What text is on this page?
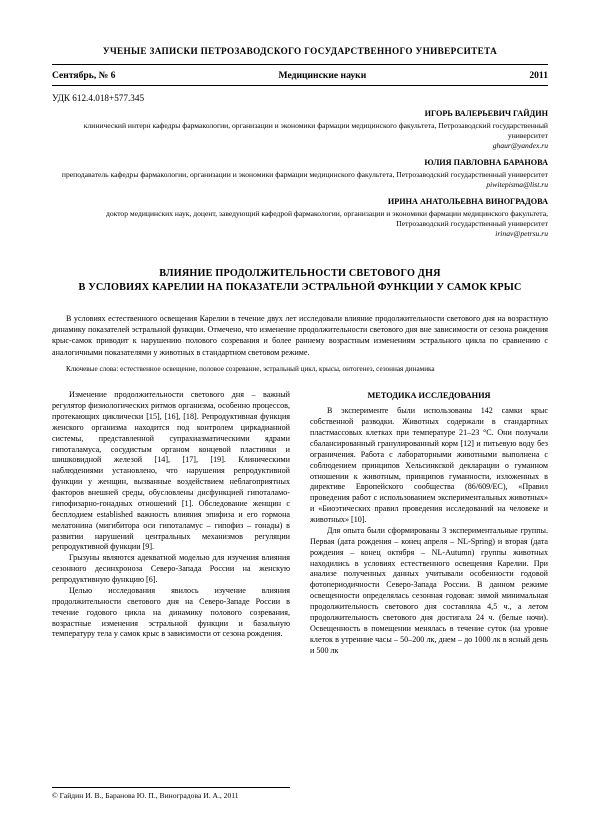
УЧЕНЫЕ ЗАПИСКИ ПЕТРОЗАВОДСКОГО ГОСУДАРСТВЕННОГО УНИВЕРСИТЕТА
Сентябрь, № 6	Медицинские науки	2011
УДК 612.4.018+577.345
ИГОРЬ ВАЛЕРЬЕВИЧ ГАЙДИН
клинический интерн кафедры фармакологии, организации и экономики фармации медицинского факультета, Петрозаводский государственный университет
ghaur@yandex.ru
ЮЛИЯ ПАВЛОВНА БАРАНОВА
преподаватель кафедры фармакологии, организации и экономики фармации медицинского факультета, Петрозаводский государственный университет
piwitepisma@list.ru
ИРИНА АНАТОЛЬЕВНА ВИНОГРАДОВА
доктор медицинских наук, доцент, заведующий кафедрой фармакологии, организации и экономики фармации медицинского факультета, Петрозаводский государственный университет
irinav@petrsu.ru
ВЛИЯНИЕ ПРОДОЛЖИТЕЛЬНОСТИ СВЕТОВОГО ДНЯ
В УСЛОВИЯХ КАРЕЛИИ НА ПОКАЗАТЕЛИ ЭСТРАЛЬНОЙ ФУНКЦИИ У САМОК КРЫС
В условиях естественного освещения Карелии в течение двух лет исследовали влияние продолжительности светового дня на возрастную динамику показателей эстральной функции. Отмечено, что изменение продолжительности светового дня вне зависимости от сезона рождения крыс-самок приводит к нарушению полового созревания и более раннему возрастным изменениям эстрального цикла по сравнению с аналогичными показателями у животных в стандартном световом режиме.
Ключевые слова: естественное освещение, половое созревание, эстральный цикл, крысы, онтогенез, сезонная динамика

Изменение продолжительности светового дня – важный регулятор физиологических ритмов организма, особенно процессов, протекающих циклически [15], [16], [18]. Репродуктивная функция женского организма находится под контролем циркадианной системы, представленной супрахиазматическими ядрами гипоталамуса, сосудистым органом концевой пластинки и шишковидной железой [14], [17], [19]. Клиническими наблюдениями установлено, что нарушения репродуктивной функции у женщин, вызванные воздействием неблагоприятных факторов внешней среды, обусловлены дисфункцией гипоталамо-гипофизарно-гонадных отношений [1]. Обследование женщин с бесплодием established важность влияния эпифиза и его гормона мелатонина (мигибитора оси гипоталамус – гипофиз – гонады) в развитии нарушений центральных механизмов регуляции репродуктивной функции [9].

Грызуны являются адекватной моделью для изучения влияния сезонного десинхроноза Северо-Запада России на женскую репродуктивную функцию [6].

Целью исследования явилось изучение влияния продолжительности светового дня на Северо-Западе России в течение годового цикла на динамику полового созревания, возрастные изменения эстральной функции и базальную температуру тела у самок крыс в зависимости от сезона рождения.

МЕТОДИКА ИССЛЕДОВАНИЯ

В эксперименте были использованы 142 самки крыс собственной разводки. Животных содержали в стандартных пластмассовых клетках при температуре 21–23 °С. Они получали сбалансированный гранулированный корм [12] и питьевую воду без ограничения. Работа с лабораторными животными выполнена с соблюдением принципов Хельсинкской декларации о гуманном отношении к животным, принципов гуманности, изложенных в директиве Европейского сообщества (86/609/ЕС), «Правил проведения работ с использованием экспериментальных животных» и «Биоэтических правил проведения исследований на человеке и животных» [10].

Для опыта были сформированы 3 экспериментальные группы. Первая (дата рождения – конец апреля – NL-Spring) и вторая (дата рождения – конец октября – NL-Autumn) группы животных находились в условиях естественного освещения Карелии. При анализе полученных данных учитывали особенности годовой фотопериодичности Северо-Запада России. В данном режиме освещенности определялась сезонная годовая: зимой минимальная продолжительность светового дня составляла 4,5 ч., а летом продолжительность светового дня достигала 24 ч. (белые ночи). Освещенность в помещении менялась в течение суток (на уровне клеток в утренние часы – 50–200 лк, днем – до 1000 лк в ясный день и 500 лк

© Гайдин И. В., Баранова Ю. П., Виноградова И. А., 2011
